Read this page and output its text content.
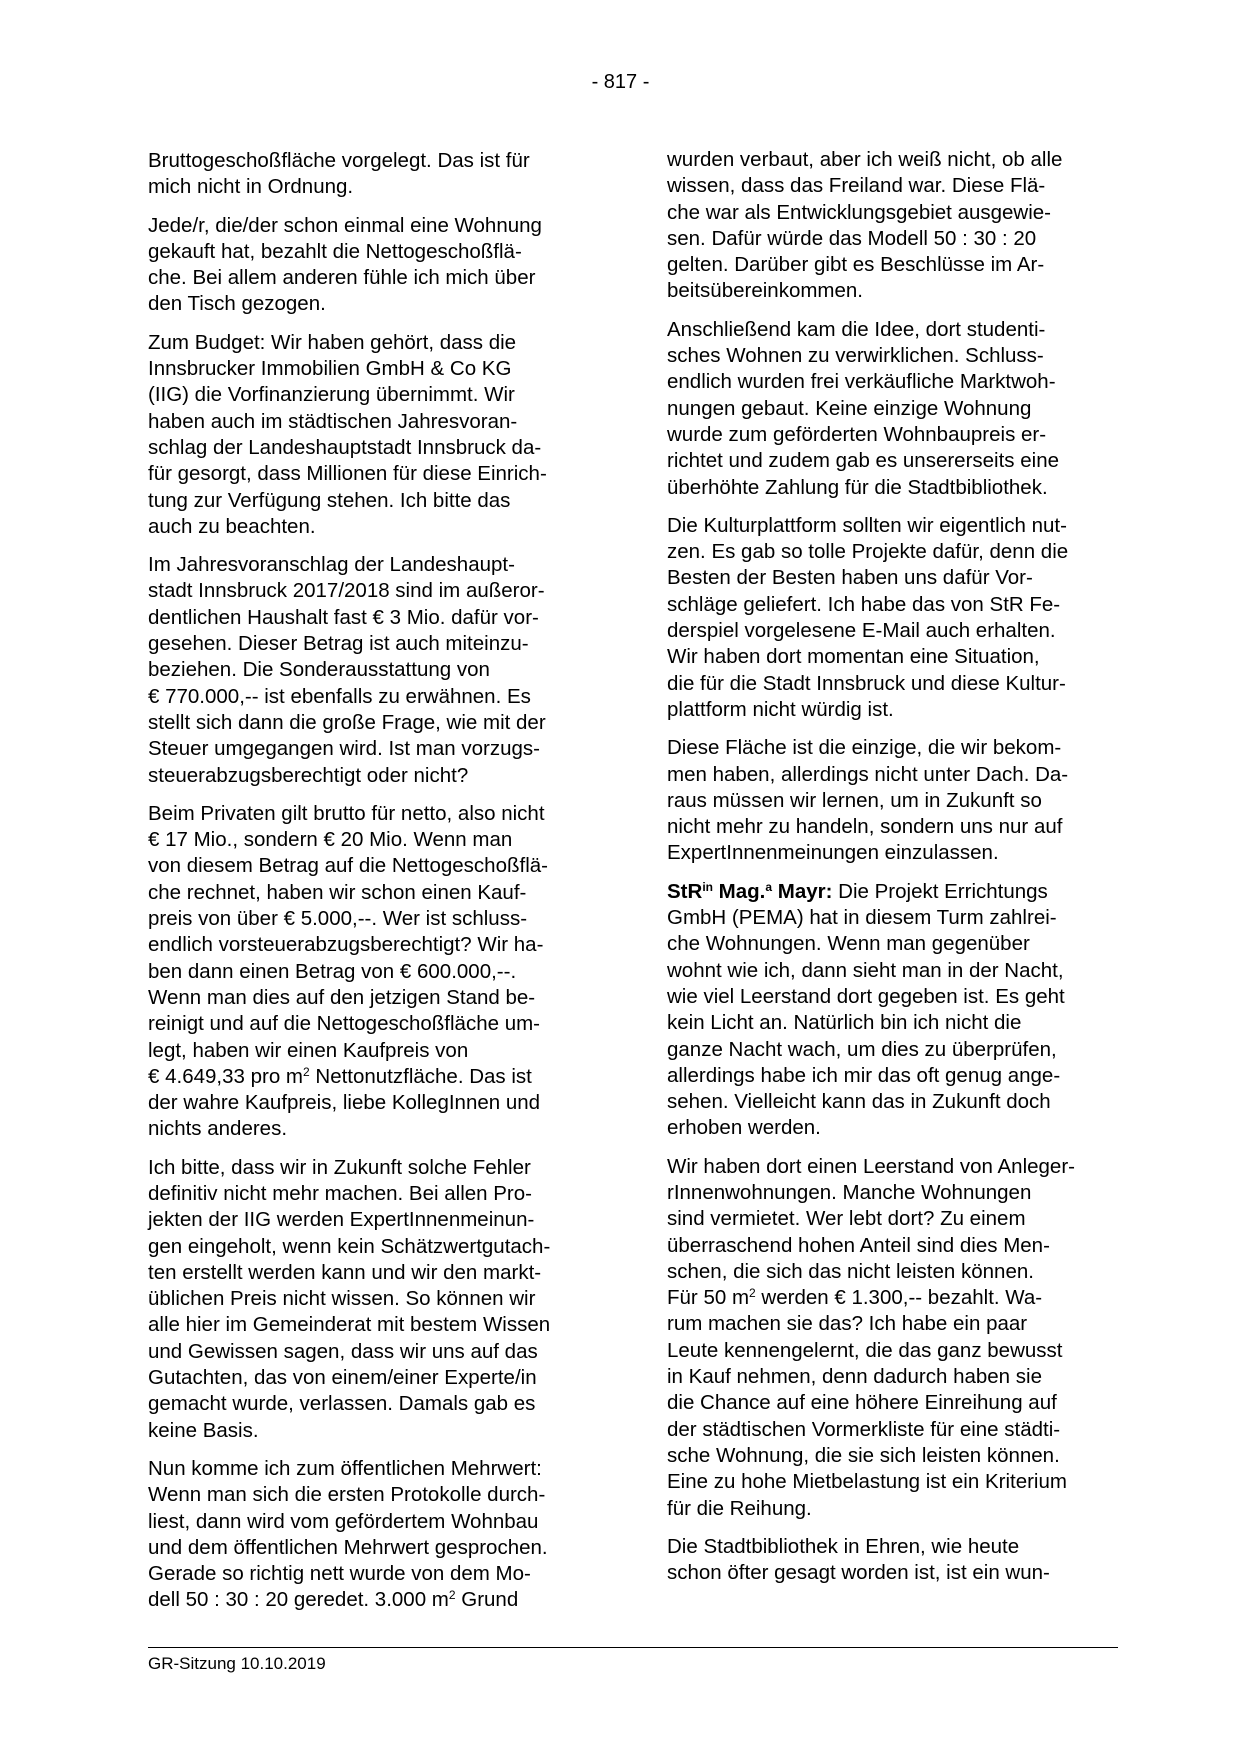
- 817 -

Bruttogeschoßfläche vorgelegt. Das ist für
mich nicht in Ordnung.

Jede/r, die/der schon einmal eine Wohnung
gekauft hat, bezahlt die Nettogeschoßflä-
che. Bei allem anderen fühle ich mich über
den Tisch gezogen.

Zum Budget: Wir haben gehört, dass die
Innsbrucker Immobilien GmbH & Co KG
(IIG) die Vorfinanzierung übernimmt. Wir
haben auch im städtischen Jahresvoran-
schlag der Landeshauptstadt Innsbruck da-
für gesorgt, dass Millionen für diese Einrich-
tung zur Verfügung stehen. Ich bitte das
auch zu beachten.

Im Jahresvoranschlag der Landeshaupt-
stadt Innsbruck 2017/2018 sind im außeror-
dentlichen Haushalt fast € 3 Mio. dafür vor-
gesehen. Dieser Betrag ist auch miteinzu-
beziehen. Die Sonderausstattung von
€ 770.000,-- ist ebenfalls zu erwähnen. Es
stellt sich dann die große Frage, wie mit der
Steuer umgegangen wird. Ist man vorzugs-
steuerabzugsberechtigt oder nicht?

Beim Privaten gilt brutto für netto, also nicht
€ 17 Mio., sondern € 20 Mio. Wenn man
von diesem Betrag auf die Nettogeschoßflä-
che rechnet, haben wir schon einen Kauf-
preis von über € 5.000,--. Wer ist schluss-
endlich vorsteuerabzugsberechtigt? Wir ha-
ben dann einen Betrag von € 600.000,--.
Wenn man dies auf den jetzigen Stand be-
reinigt und auf die Nettogeschoßfläche um-
legt, haben wir einen Kaufpreis von
€ 4.649,33 pro $m^2$ Nettonutzfläche. Das ist
der wahre Kaufpreis, liebe KollegInnen und
nichts anderes.

Ich bitte, dass wir in Zukunft solche Fehler
definitiv nicht mehr machen. Bei allen Pro-
jekten der IIG werden ExpertInnenmeinun-
gen eingeholt, wenn kein Schätzwertgutach-
ten erstellt werden kann und wir den markt-
üblichen Preis nicht wissen. So können wir
alle hier im Gemeinderat mit bestem Wissen
und Gewissen sagen, dass wir uns auf das
Gutachten, das von einem/einer Experte/in
gemacht wurde, verlassen. Damals gab es
keine Basis.

Nun komme ich zum öffentlichen Mehrwert:
Wenn man sich die ersten Protokolle durch-
liest, dann wird vom gefördertem Wohnbau
und dem öffentlichen Mehrwert gesprochen.
Gerade so richtig nett wurde von dem Mo-
dell 50 : 30 : 20 geredet. 3.000 $m^2$ Grund

wurden verbaut, aber ich weiß nicht, ob alle
wissen, dass das Freiland war. Diese Flä-
che war als Entwicklungsgebiet ausgewie-
sen. Dafür würde das Modell 50 : 30 : 20
gelten. Darüber gibt es Beschlüsse im Ar-
beitsübereinkommen.

Anschließend kam die Idee, dort studenti-
sches Wohnen zu verwirklichen. Schluss-
endlich wurden frei verkäufliche Marktwoh-
nungen gebaut. Keine einzige Wohnung
wurde zum geförderten Wohnbaupreis er-
richtet und zudem gab es unsererseits eine
überhöhte Zahlung für die Stadtbibliothek.

Die Kulturplattform sollten wir eigentlich nut-
zen. Es gab so tolle Projekte dafür, denn die
Besten der Besten haben uns dafür Vor-
schläge geliefert. Ich habe das von StR Fe-
derspiel vorgelesene E-Mail auch erhalten.
Wir haben dort momentan eine Situation,
die für die Stadt Innsbruck und diese Kultur-
plattform nicht würdig ist.

Diese Fläche ist die einzige, die wir bekom-
men haben, allerdings nicht unter Dach. Da-
raus müssen wir lernen, um in Zukunft so
nicht mehr zu handeln, sondern uns nur auf
ExpertInnenmeinungen einzulassen.

StR$^{in}$ Mag.$^a$ Mayr: Die Projekt Errichtungs
GmbH (PEMA) hat in diesem Turm zahlrei-
che Wohnungen. Wenn man gegenüber
wohnt wie ich, dann sieht man in der Nacht,
wie viel Leerstand dort gegeben ist. Es geht
kein Licht an. Natürlich bin ich nicht die
ganze Nacht wach, um dies zu überprüfen,
allerdings habe ich mir das oft genug ange-
sehen. Vielleicht kann das in Zukunft doch
erhoben werden.

Wir haben dort einen Leerstand von Anleger-
rInnenwohnungen. Manche Wohnungen
sind vermietet. Wer lebt dort? Zu einem
überraschend hohen Anteil sind dies Men-
schen, die sich das nicht leisten können.
Für 50 $m^2$ werden € 1.300,-- bezahlt. Wa-
rum machen sie das? Ich habe ein paar
Leute kennengelernt, die das ganz bewusst
in Kauf nehmen, denn dadurch haben sie
die Chance auf eine höhere Einreihung auf
der städtischen Vormerkliste für eine städti-
sche Wohnung, die sie sich leisten können.
Eine zu hohe Mietbelastung ist ein Kriterium
für die Reihung.

Die Stadtbibliothek in Ehren, wie heute
schon öfter gesagt worden ist, ist ein wun-

GR-Sitzung 10.10.2019
